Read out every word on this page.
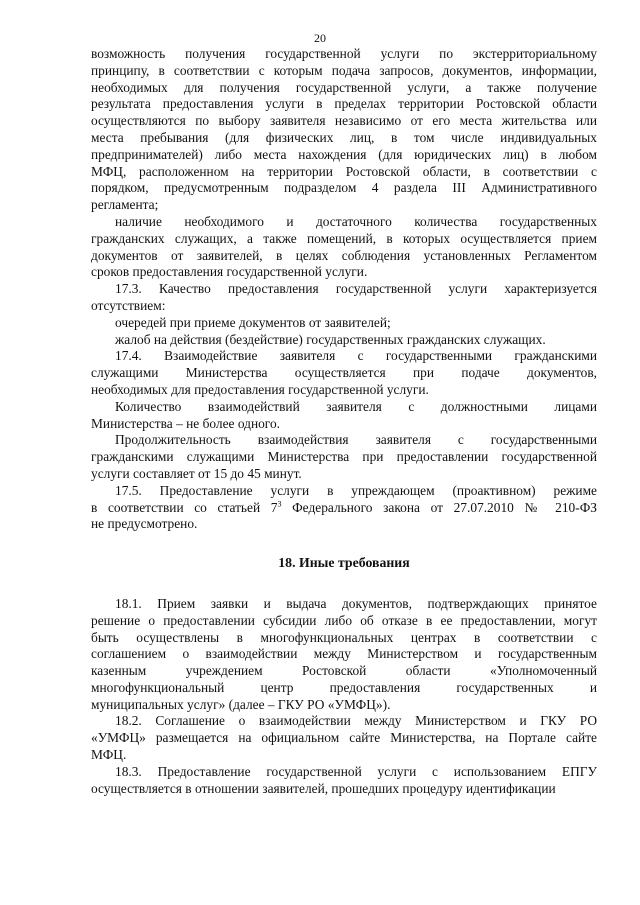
20
возможность получения государственной услуги по экстерриториальному
принципу, в соответствии с которым подача запросов, документов, информации,
необходимых для получения государственной услуги, а также получение
результата предоставления услуги в пределах территории Ростовской области
осуществляются по выбору заявителя независимо от его места жительства или
места пребывания (для физических лиц, в том числе индивидуальных
предпринимателей) либо места нахождения (для юридических лиц) в любом
МФЦ, расположенном на территории Ростовской области, в соответствии с
порядком, предусмотренным подразделом 4 раздела III Административного
регламента;
наличие необходимого и достаточного количества государственных
гражданских служащих, а также помещений, в которых осуществляется прием
документов от заявителей, в целях соблюдения установленных Регламентом
сроков предоставления государственной услуги.
17.3. Качество предоставления государственной услуги характеризуется
отсутствием:
очередей при приеме документов от заявителей;
жалоб на действия (бездействие) государственных гражданских служащих.
17.4. Взаимодействие заявителя с государственными гражданскими
служащими Министерства осуществляется при подаче документов,
необходимых для предоставления государственной услуги.
Количество взаимодействий заявителя с должностными лицами
Министерства – не более одного.
Продолжительность взаимодействия заявителя с государственными
гражданскими служащими Министерства при предоставлении государственной
услуги составляет от 15 до 45 минут.
17.5. Предоставление услуги в упреждающем (проактивном) режиме
в соответствии со статьей $7^3$ Федерального закона от 27.07.2010 № 210-ФЗ
не предусмотрено.
18. Иные требования
18.1. Прием заявки и выдача документов, подтверждающих принятое
решение о предоставлении субсидии либо об отказе в ее предоставлении, могут
быть осуществлены в многофункциональных центрах в соответствии с
соглашением о взаимодействии между Министерством и государственным
казенным учреждением Ростовской области «Уполномоченный
многофункциональный центр предоставления государственных и
муниципальных услуг» (далее – ГКУ РО «УМФЦ»).
18.2. Соглашение о взаимодействии между Министерством и ГКУ РО
«УМФЦ» размещается на официальном сайте Министерства, на Портале сайте
МФЦ.
18.3. Предоставление государственной услуги с использованием ЕПГУ
осуществляется в отношении заявителей, прошедших процедуру идентификации
